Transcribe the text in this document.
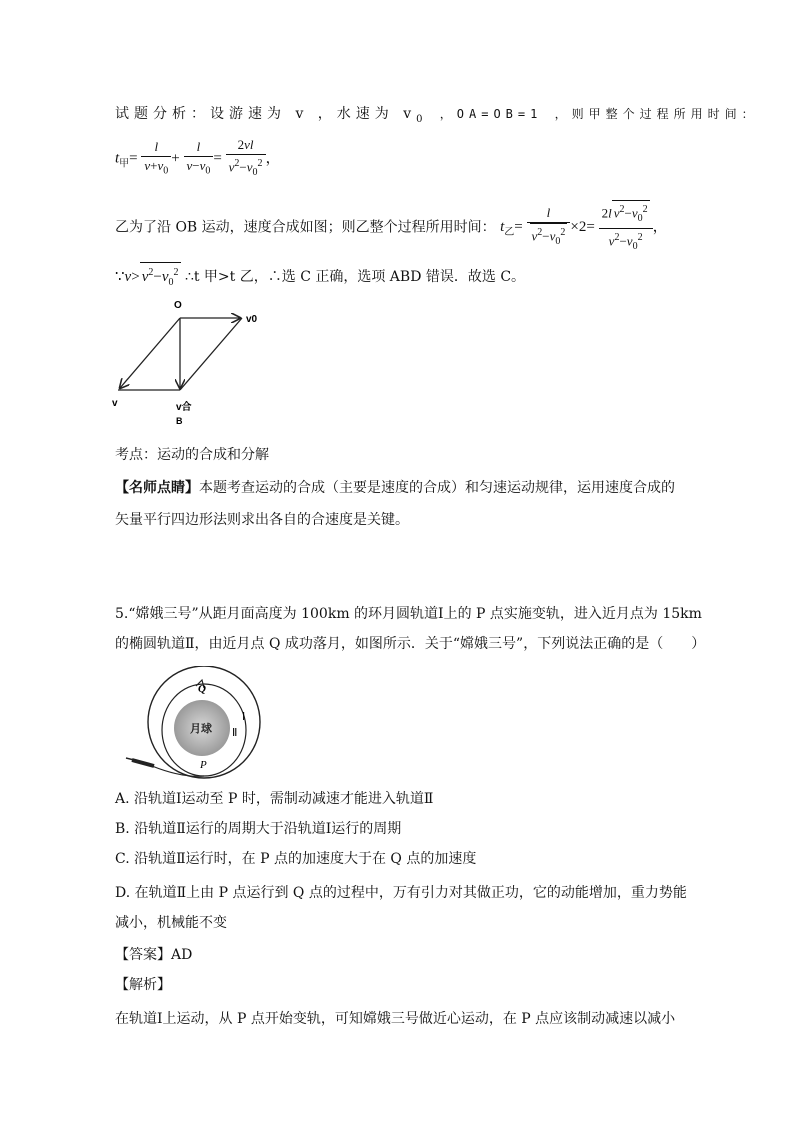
试题分析：设游速为 v ，水速为 $v_0$ ，OA=OB=1 ，则甲整个过程所用时间：
$t_甲= \frac{l}{v+v_0} + \frac{l}{v-v_0} = \frac{2vl}{v^2-v_0^2}$ ，
乙为了沿 OB 运动，速度合成如图；则乙整个过程所用时间： $t_乙= \frac{l}{v^2-v_0^2} \times 2= \frac{2l v^2-v_0^2}{v^2-v_0^2}$ ，
∵v> $v^2-v_0^2$ ∴t 甲>t 乙，∴选 C 正确，选项 ABD 错误．故选 C。
O
v0
v	v合
B
考点：运动的合成和分解
【名师点睛】本题考查运动的合成（主要是速度的合成）和匀速运动规律，运用速度合成的
矢量平行四边形法则求出各自的合速度是关键。
5.“嫦娥三号”从距月面高度为 100km 的环月圆轨道Ⅰ上的 P 点实施变轨，进入近月点为 15km
的椭圆轨道Ⅱ，由近月点 Q 成功落月，如图所示．关于“嫦娥三号”，下列说法正确的是（　　）
月球
Q
P
Ⅰ
Ⅱ
A. 沿轨道Ⅰ运动至 P 时，需制动减速才能进入轨道Ⅱ
B. 沿轨道Ⅱ运行的周期大于沿轨道Ⅰ运行的周期
C. 沿轨道Ⅱ运行时，在 P 点的加速度大于在 Q 点的加速度
D. 在轨道Ⅱ上由 P 点运行到 Q 点的过程中，万有引力对其做正功，它的动能增加，重力势能
减小，机械能不变
【答案】AD
【解析】
在轨道Ⅰ上运动，从 P 点开始变轨，可知嫦娥三号做近心运动，在 P 点应该制动减速以减小
